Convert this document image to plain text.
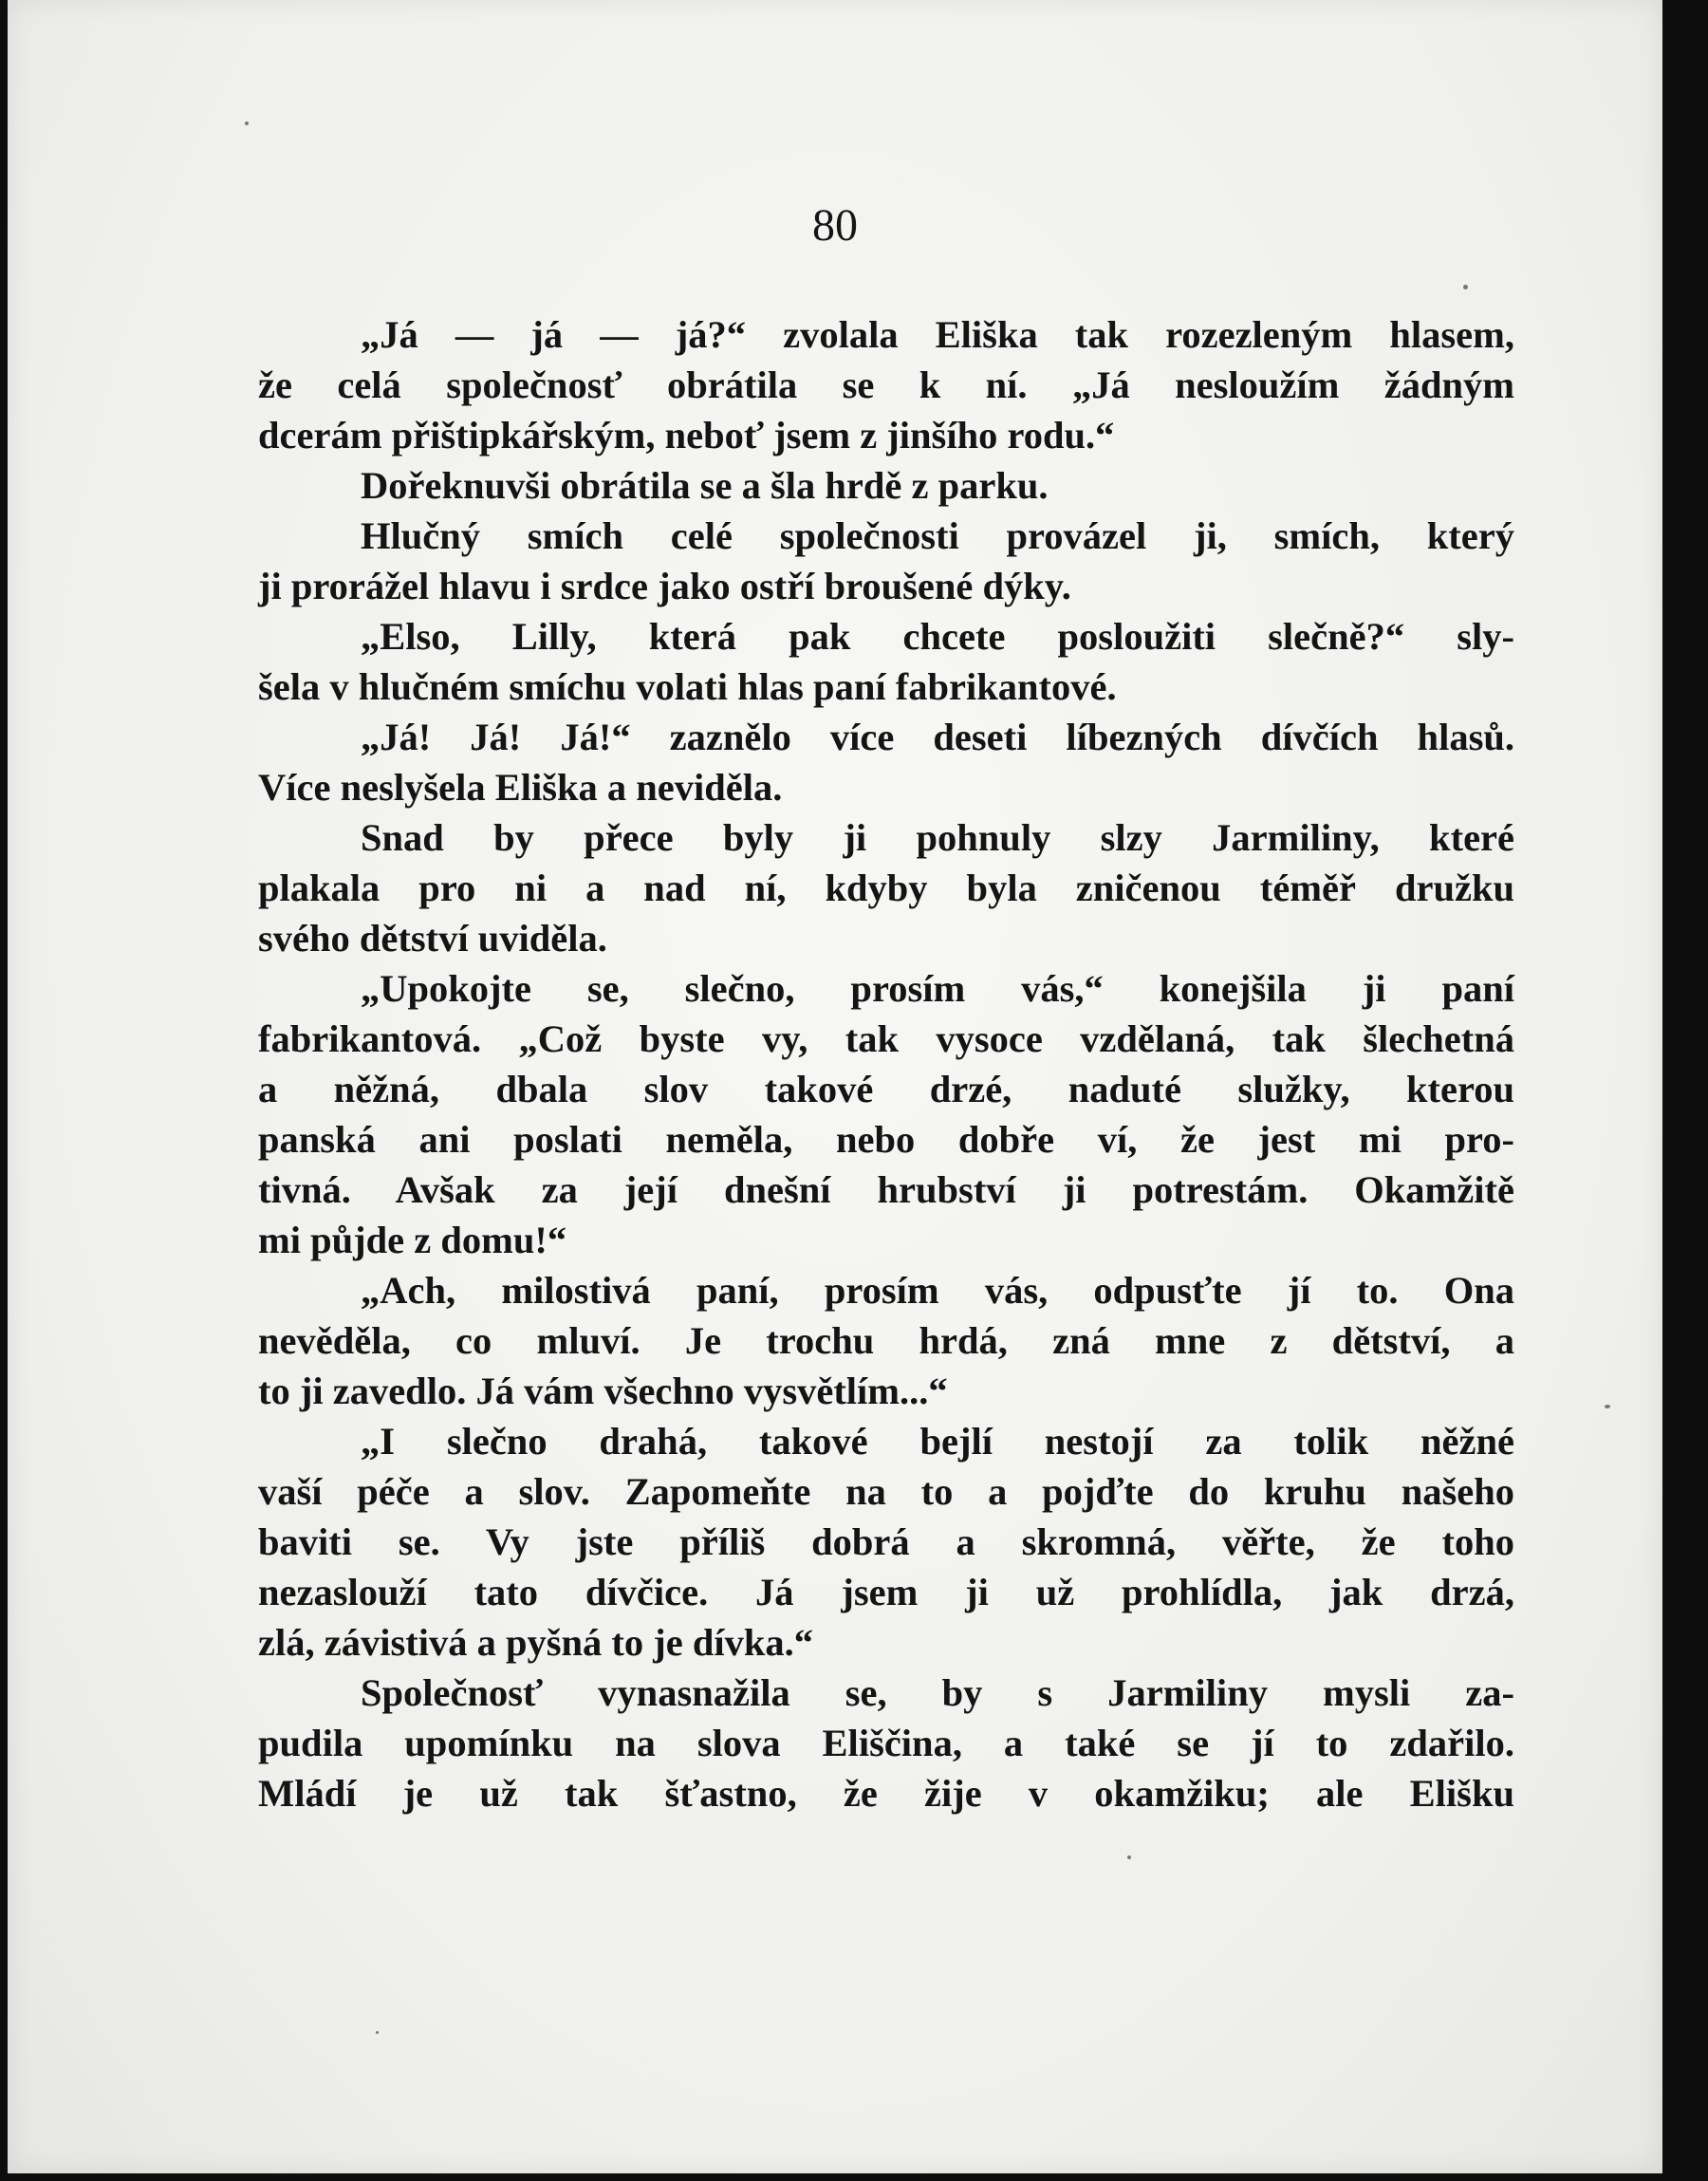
80
„Já — já — já?“ zvolala Eliška tak rozezleným hlasem,
že celá společnosť obrátila se k ní. „Já nesloužím žádným
dcerám přištipkářským, neboť jsem z jinšího rodu.“
Dořeknuvši obrátila se a šla hrdě z parku.
Hlučný smích celé společnosti provázel ji, smích, který
ji prorážel hlavu i srdce jako ostří broušené dýky.
„Elso, Lilly, která pak chcete posloužiti slečně?“ sly-
šela v hlučném smíchu volati hlas paní fabrikantové.
„Já! Já! Já!“ zaznělo více deseti líbezných dívčích hlasů.
Více neslyšela Eliška a neviděla.
Snad by přece byly ji pohnuly slzy Jarmiliny, které
plakala pro ni a nad ní, kdyby byla zničenou téměř družku
svého dětství uviděla.
„Upokojte se, slečno, prosím vás,“ konejšila ji paní
fabrikantová. „Což byste vy, tak vysoce vzdělaná, tak šlechetná
a něžná, dbala slov takové drzé, naduté služky, kterou
panská ani poslati neměla, nebo dobře ví, že jest mi pro-
tivná. Avšak za její dnešní hrubství ji potrestám. Okamžitě
mi půjde z domu!“
„Ach, milostivá paní, prosím vás, odpusťte jí to. Ona
nevěděla, co mluví. Je trochu hrdá, zná mne z dětství, a
to ji zavedlo. Já vám všechno vysvětlím...“
„I slečno drahá, takové bejlí nestojí za tolik něžné
vaší péče a slov. Zapomeňte na to a pojďte do kruhu našeho
baviti se. Vy jste příliš dobrá a skromná, věřte, že toho
nezaslouží tato dívčice. Já jsem ji už prohlídla, jak drzá,
zlá, závistivá a pyšná to je dívka.“
Společnosť vynasnažila se, by s Jarmiliny mysli za-
pudila upomínku na slova Eliščina, a také se jí to zdařilo.
Mládí je už tak šťastno, že žije v okamžiku; ale Elišku
